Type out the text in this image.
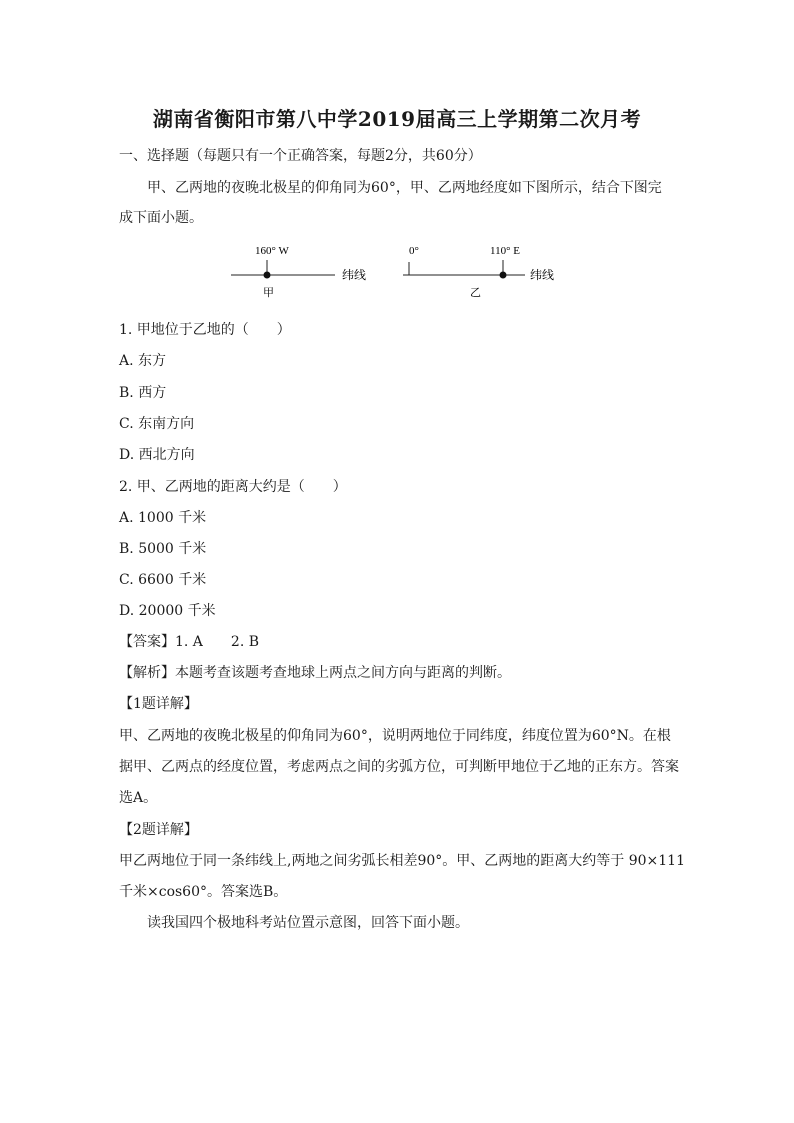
湖南省衡阳市第八中学2019届高三上学期第二次月考
一、选择题（每题只有一个正确答案，每题2分，共60分）
甲、乙两地的夜晚北极星的仰角同为60°，甲、乙两地经度如下图所示，结合下图完
成下面小题。
160° W
纬线
甲
0°	110° E
纬线
乙
1. 甲地位于乙地的（　　）
A. 东方
B. 西方
C. 东南方向
D. 西北方向
2. 甲、乙两地的距离大约是（　　）
A. 1000 千米
B. 5000 千米
C. 6600 千米
D. 20000 千米
【答案】1. A　　2. B
【解析】本题考查该题考查地球上两点之间方向与距离的判断。
【1题详解】
甲、乙两地的夜晚北极星的仰角同为60°，说明两地位于同纬度，纬度位置为60°N。在根
据甲、乙两点的经度位置，考虑两点之间的劣弧方位，可判断甲地位于乙地的正东方。答案
选A。
【2题详解】
甲乙两地位于同一条纬线上,两地之间劣弧长相差90°。甲、乙两地的距离大约等于 90×111
千米×cos60°。答案选B。
读我国四个极地科考站位置示意图，回答下面小题。
